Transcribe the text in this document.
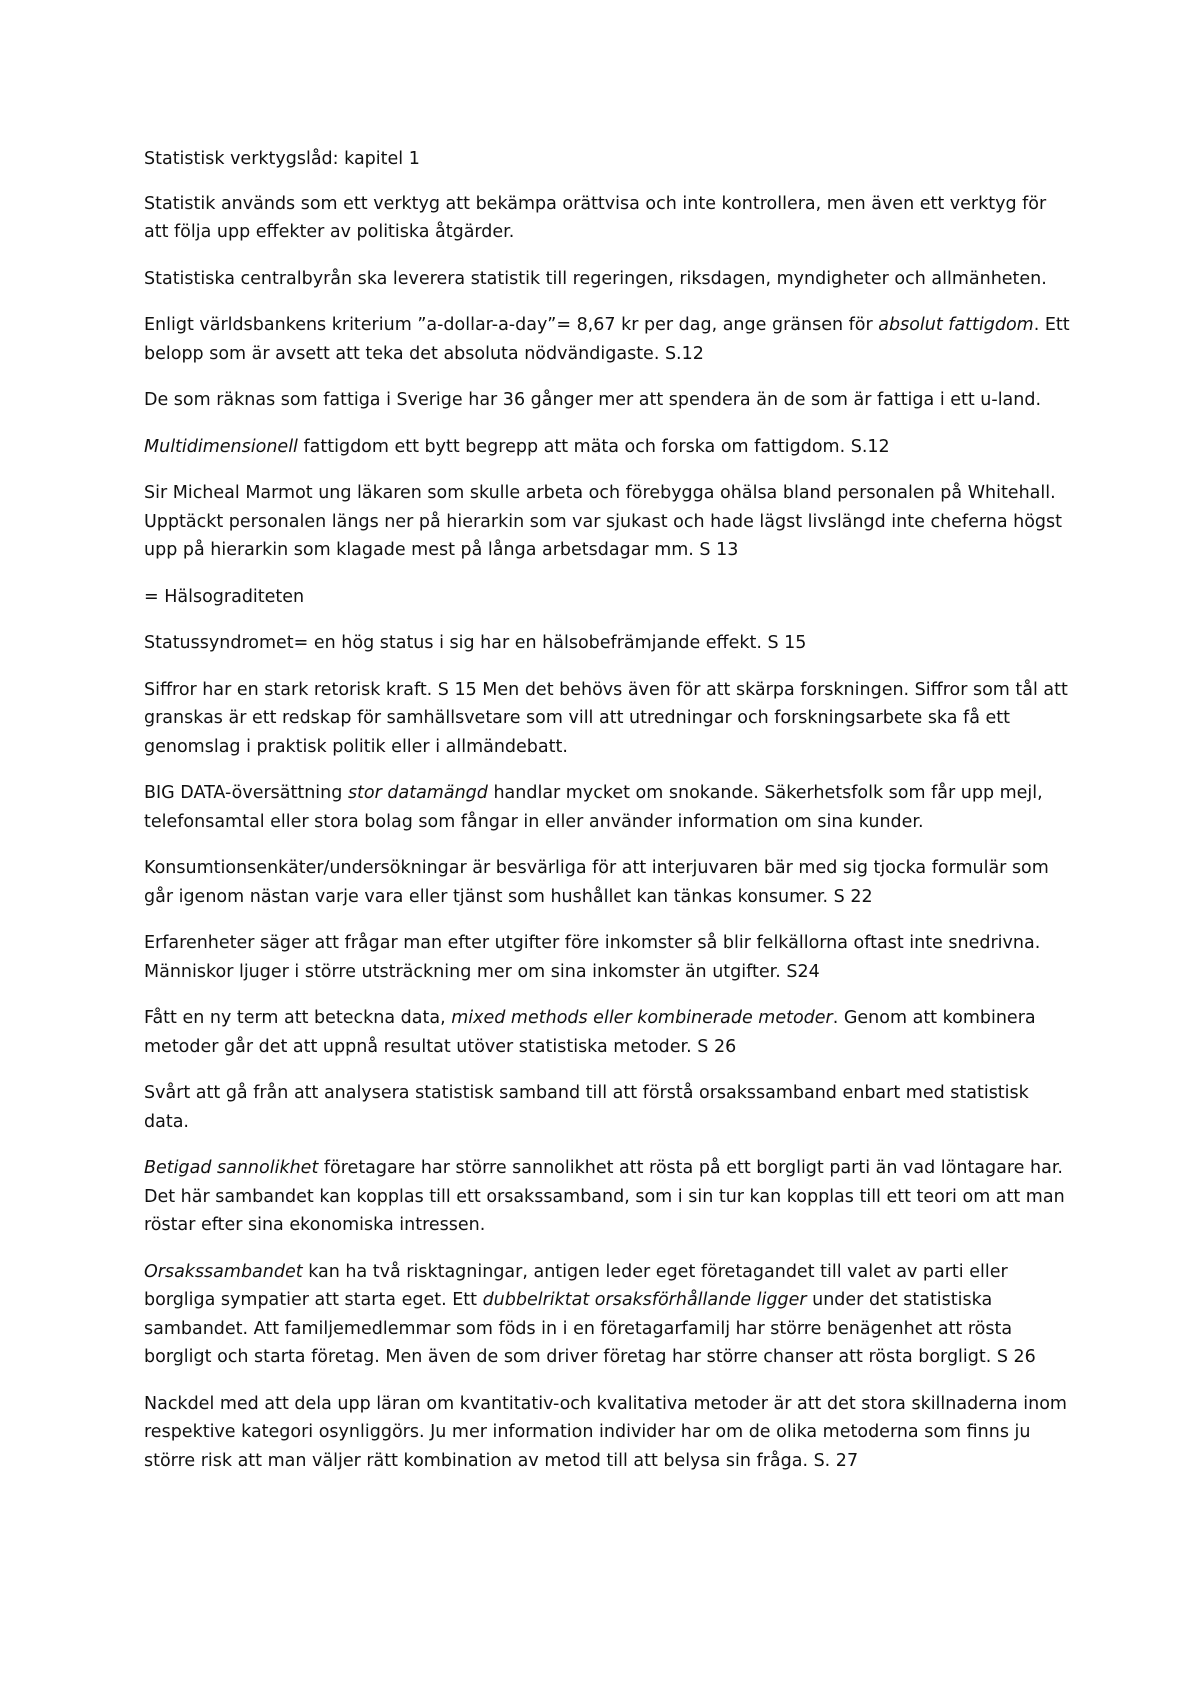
Statistisk verktygslåd: kapitel 1

Statistik används som ett verktyg att bekämpa orättvisa och inte kontrollera, men även ett verktyg för att följa upp effekter av politiska åtgärder.

Statistiska centralbyrån ska leverera statistik till regeringen, riksdagen, myndigheter och allmänheten.

Enligt världsbankens kriterium ”a-dollar-a-day”= 8,67 kr per dag, ange gränsen för absolut fattigdom. Ett belopp som är avsett att teka det absoluta nödvändigaste. S.12

De som räknas som fattiga i Sverige har 36 gånger mer att spendera än de som är fattiga i ett u-land.

Multidimensionell fattigdom ett bytt begrepp att mäta och forska om fattigdom. S.12

Sir Micheal Marmot ung läkaren som skulle arbeta och förebygga ohälsa bland personalen på Whitehall. Upptäckt personalen längs ner på hierarkin som var sjukast och hade lägst livslängd inte cheferna högst upp på hierarkin som klagade mest på långa arbetsdagar mm. S 13

= Hälsograditeten

Statussyndromet= en hög status i sig har en hälsobefrämjande effekt. S 15

Siffror har en stark retorisk kraft. S 15 Men det behövs även för att skärpa forskningen. Siffror som tål att granskas är ett redskap för samhällsvetare som vill att utredningar och forskningsarbete ska få ett genomslag i praktisk politik eller i allmändebatt.

BIG DATA-översättning stor datamängd handlar mycket om snokande. Säkerhetsfolk som får upp mejl, telefonsamtal eller stora bolag som fångar in eller använder information om sina kunder.

Konsumtionsenkäter/undersökningar är besvärliga för att interjuvaren bär med sig tjocka formulär som går igenom nästan varje vara eller tjänst som hushållet kan tänkas konsumer. S 22

Erfarenheter säger att frågar man efter utgifter före inkomster så blir felkällorna oftast inte snedrivna. Människor ljuger i större utsträckning mer om sina inkomster än utgifter. S24

Fått en ny term att beteckna data, mixed methods eller kombinerade metoder. Genom att kombinera metoder går det att uppnå resultat utöver statistiska metoder. S 26

Svårt att gå från att analysera statistisk samband till att förstå orsakssamband enbart med statistisk data.

Betigad sannolikhet företagare har större sannolikhet att rösta på ett borgligt parti än vad löntagare har. Det här sambandet kan kopplas till ett orsakssamband, som i sin tur kan kopplas till ett teori om att man röstar efter sina ekonomiska intressen.

Orsakssambandet kan ha två risktagningar, antigen leder eget företagandet till valet av parti eller borgliga sympatier att starta eget. Ett dubbelriktat orsaksförhållande ligger under det statistiska sambandet. Att familjemedlemmar som föds in i en företagarfamilj har större benägenhet att rösta borgligt och starta företag. Men även de som driver företag har större chanser att rösta borgligt. S 26

Nackdel med att dela upp läran om kvantitativ-och kvalitativa metoder är att det stora skillnaderna inom respektive kategori osynliggörs. Ju mer information individer har om de olika metoderna som finns ju större risk att man väljer rätt kombination av metod till att belysa sin fråga. S. 27
